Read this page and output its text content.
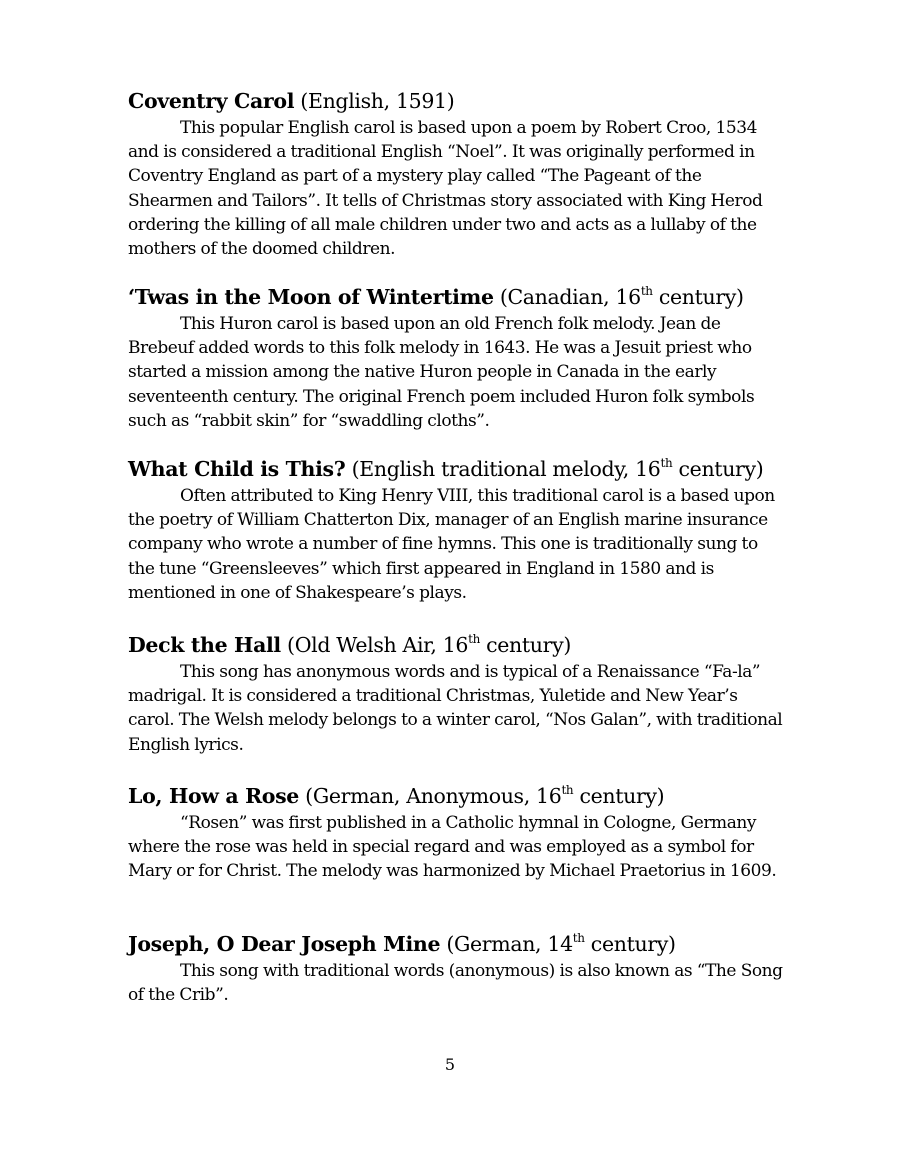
Coventry Carol (English, 1591)

This popular English carol is based upon a poem by Robert Croo, 1534 and is considered a traditional English “Noel”. It was originally performed in Coventry England as part of a mystery play called “The Pageant of the Shearmen and Tailors”. It tells of Christmas story associated with King Herod ordering the killing of all male children under two and acts as a lullaby of the mothers of the doomed children.

‘Twas in the Moon of Wintertime (Canadian, 16th century)

This Huron carol is based upon an old French folk melody. Jean de Brebeuf added words to this folk melody in 1643. He was a Jesuit priest who started a mission among the native Huron people in Canada in the early seventeenth century. The original French poem included Huron folk symbols such as “rabbit skin” for “swaddling cloths”.

What Child is This? (English traditional melody, 16th century)

Often attributed to King Henry VIII, this traditional carol is a based upon the poetry of William Chatterton Dix, manager of an English marine insurance company who wrote a number of fine hymns. This one is traditionally sung to the tune “Greensleeves” which first appeared in England in 1580 and is mentioned in one of Shakespeare’s plays.

Deck the Hall (Old Welsh Air, 16th century)

This song has anonymous words and is typical of a Renaissance “Fa-la” madrigal. It is considered a traditional Christmas, Yuletide and New Year’s carol. The Welsh melody belongs to a winter carol, “Nos Galan”, with traditional English lyrics.

Lo, How a Rose (German, Anonymous, 16th century)

“Rosen” was first published in a Catholic hymnal in Cologne, Germany where the rose was held in special regard and was employed as a symbol for Mary or for Christ. The melody was harmonized by Michael Praetorius in 1609.

Joseph, O Dear Joseph Mine (German, 14th century)

This song with traditional words (anonymous) is also known as “The Song of the Crib”.

5
